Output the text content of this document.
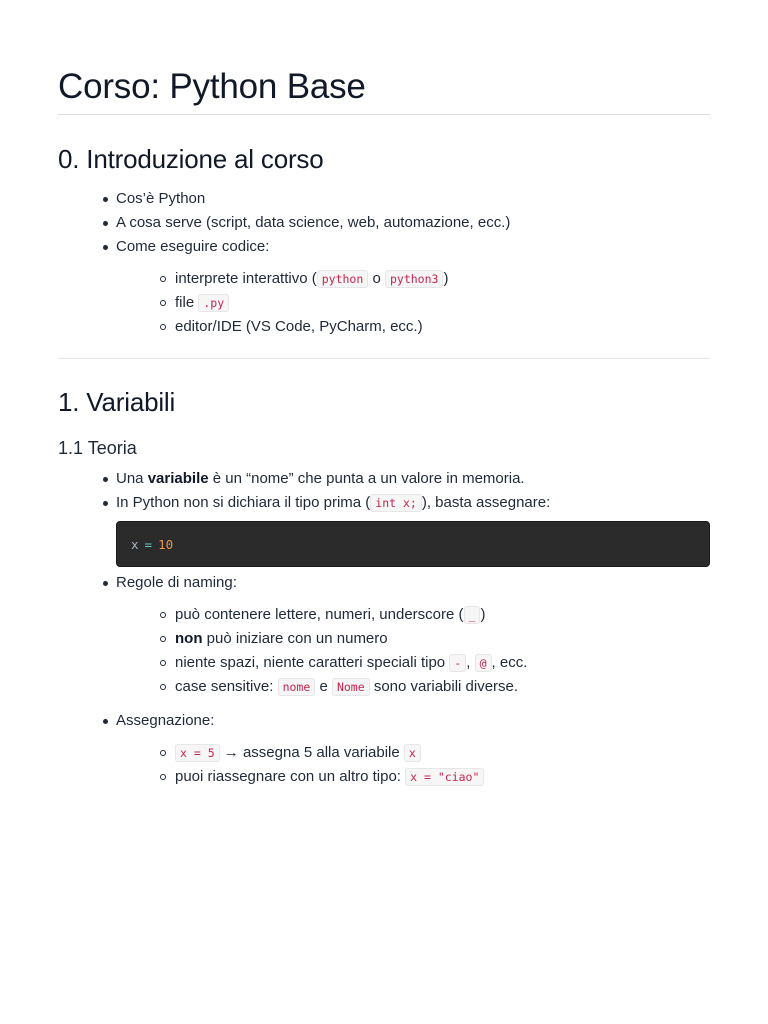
Corso: Python Base
0. Introduzione al corso
Cos’è Python
A cosa serve (script, data science, web, automazione, ecc.)
Come eseguire codice:
interprete interattivo ( python o python3 )
file .py
editor/IDE (VS Code, PyCharm, ecc.)
1. Variabili
1.1 Teoria
Una variabile è un “nome” che punta a un valore in memoria.
In Python non si dichiara il tipo prima ( int x; ), basta assegnare:
x = 10
Regole di naming:
può contenere lettere, numeri, underscore ( _ )
non può iniziare con un numero
niente spazi, niente caratteri speciali tipo - , @ , ecc.
case sensitive: nome e Nome sono variabili diverse.
Assegnazione:
x = 5 → assegna 5 alla variabile x
puoi riassegnare con un altro tipo: x = "ciao"
